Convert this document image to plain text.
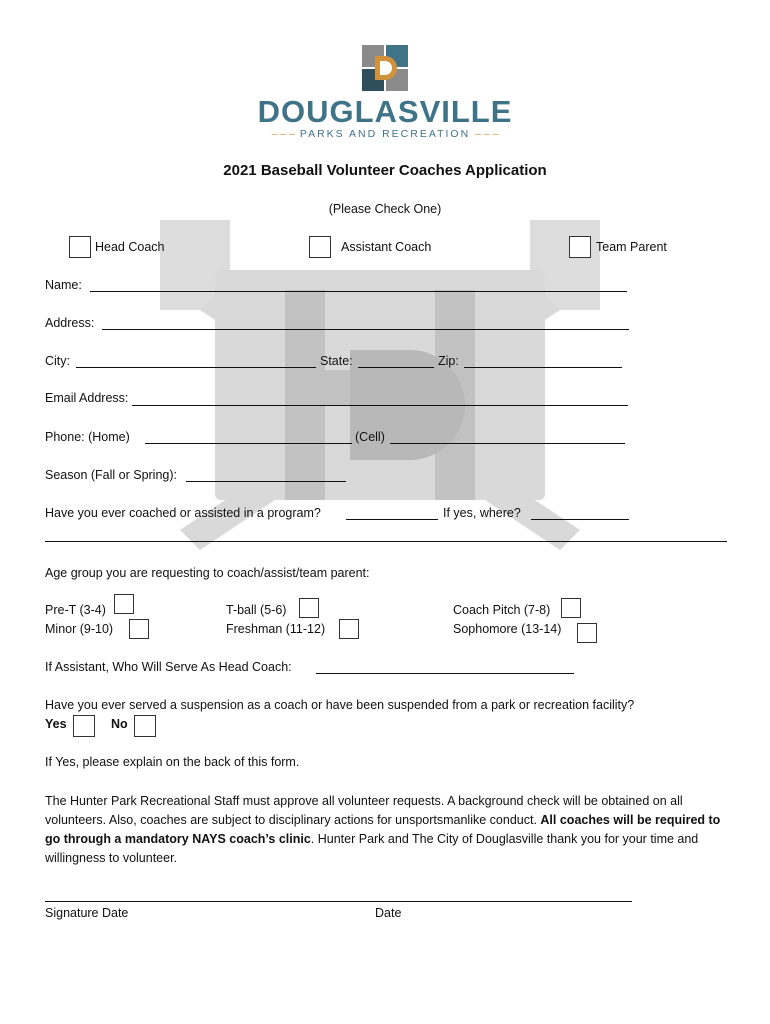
DOUGLASVILLE
– – – PARKS AND RECREATION – – –
2021 Baseball Volunteer Coaches Application
(Please Check One)
Head Coach	Assistant Coach	Team Parent
Name:
Address:
City:	State:	Zip:
Email Address:
Phone: (Home)	(Cell)
Season (Fall or Spring):
Have you ever coached or assisted in a program?	If yes, where?
Age group you are requesting to coach/assist/team parent:
Pre-T (3-4)	T-ball (5-6)	Coach Pitch (7-8)
Minor (9-10)	Freshman (11-12)	Sophomore (13-14)
If Assistant, Who Will Serve As Head Coach:
Have you ever served a suspension as a coach or have been suspended from a park or recreation facility?
Yes	No
If Yes, please explain on the back of this form.
The Hunter Park Recreational Staff must approve all volunteer requests. A background check will be obtained on all volunteers. Also, coaches are subject to disciplinary actions for unsportsmanlike conduct. All coaches will be required to go through a mandatory NAYS coach’s clinic. Hunter Park and The City of Douglasville thank you for your time and willingness to volunteer.
Signature Date	Date
